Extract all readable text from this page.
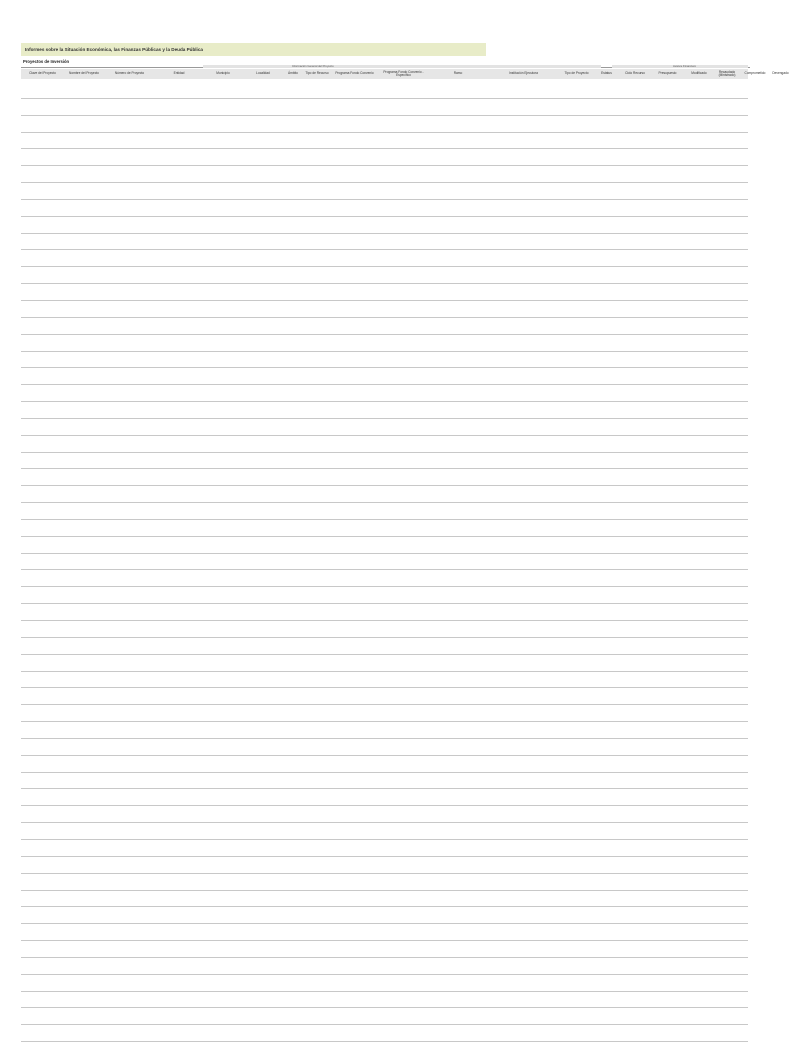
Informes sobre la Situación Económica, las Finanzas Públicas y la Deuda Pública
Proyectos de Inversión
Información General del Proyecto	Avance Financiero
Clave del Proyecto	Nombre del Proyecto	Número de Proyecto	Entidad	Municipio	Localidad	Ámbito	Tipo de Recurso	Programa Fondo Convenio	Programa Fondo Convenio - Específico	Ramo	Institución Ejecutora	Tipo de Proyecto	Estatus	Ciclo Recurso	Presupuesto	Modificado	Recaudado (Ministrado)	Comprometido	Devengado
